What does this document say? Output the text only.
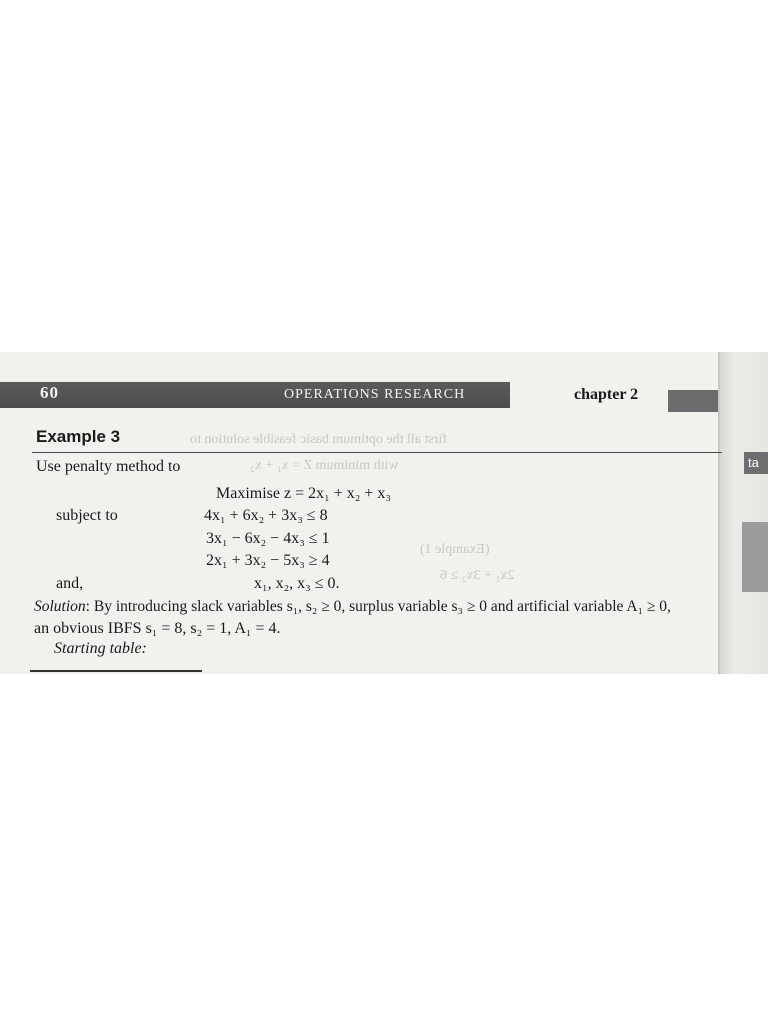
first all the optimum basic feasible solution to
with minimum Z = x₁ + x₂
(Example 1)
2x₁ + 3x₂ ≥ 6
60	OPERATIONS RESEARCH	chapter 2
ta
Example 3
Use penalty method to
Maximise z = 2x₁ + x₂ + x₃
subject to	4x₁ + 6x₂ + 3x₃ ≤ 8
3x₁ − 6x₂ − 4x₃ ≤ 1
2x₁ + 3x₂ − 5x₃ ≥ 4
and,	x₁, x₂, x₃ ≤ 0.
Solution: By introducing slack variables s₁, s₂ ≥ 0, surplus variable s₃ ≥ 0 and artificial variable A₁ ≥ 0,
an obvious IBFS s₁ = 8, s₂ = 1, A₁ = 4.
Starting table:
